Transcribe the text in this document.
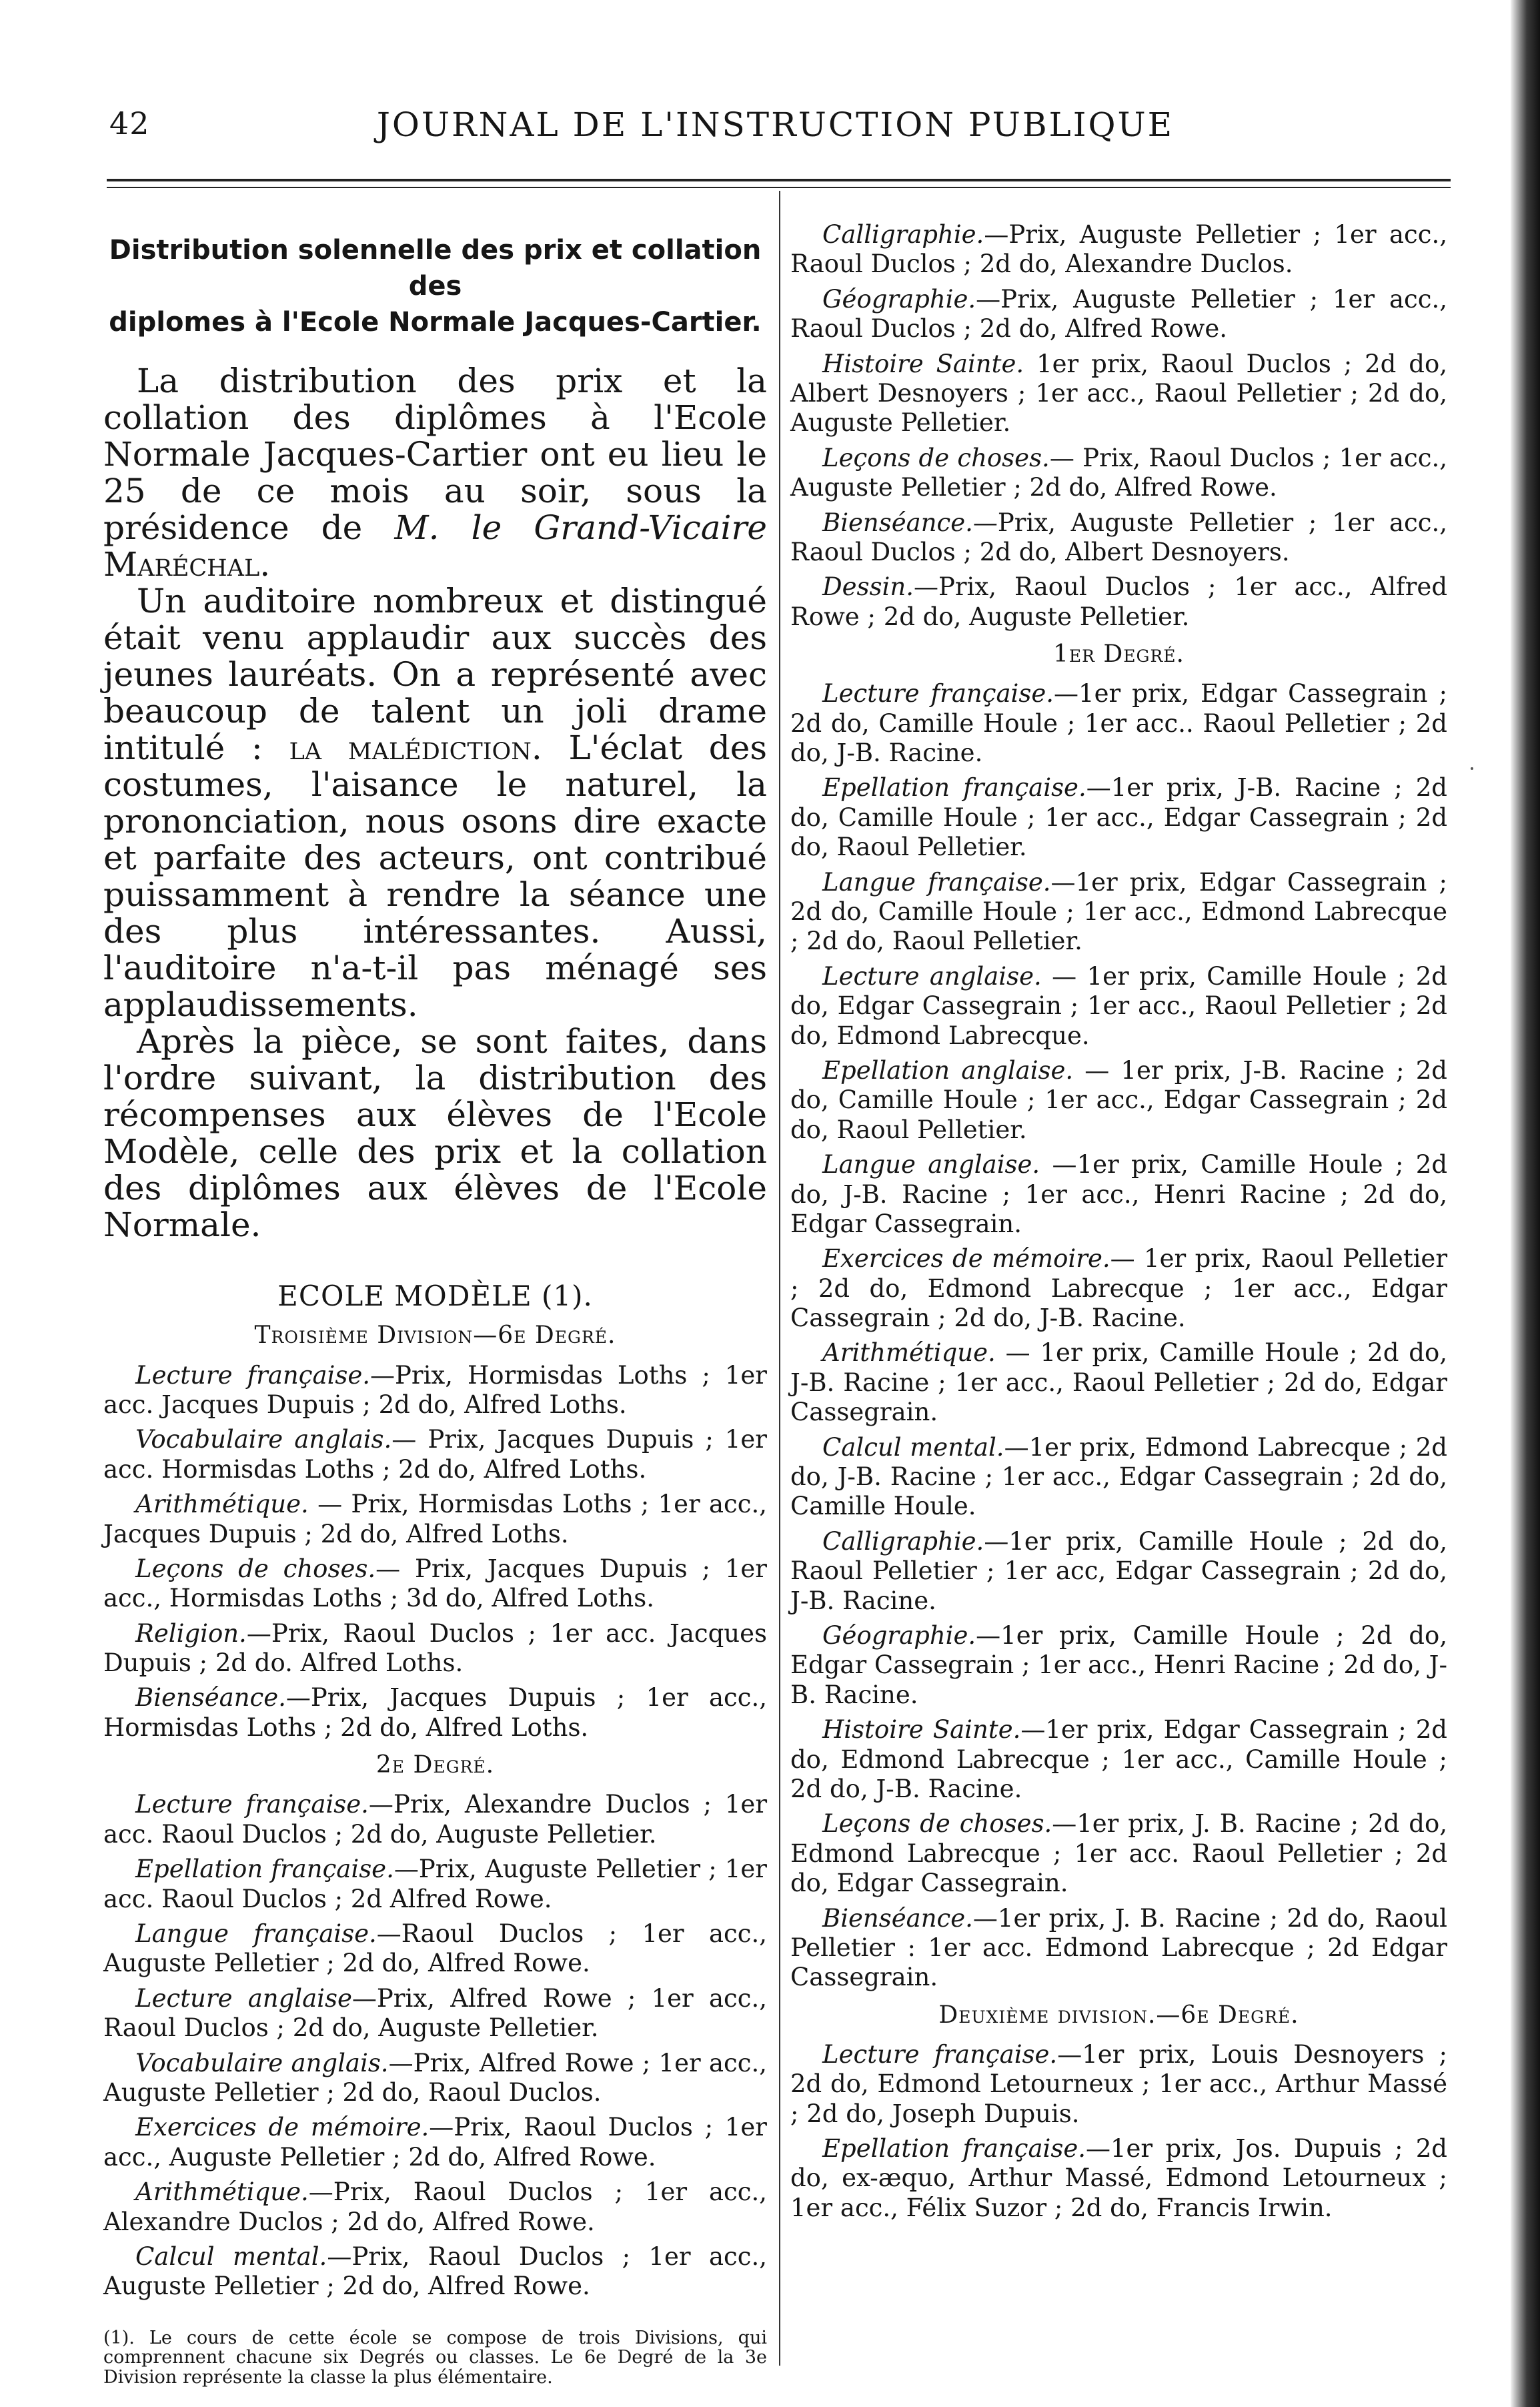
42	JOURNAL DE L'INSTRUCTION PUBLIQUE
Distribution solennelle des prix et collation des
diplomes à l'Ecole Normale Jacques-Cartier.

La distribution des prix et la collation des diplômes à l'Ecole Normale Jacques-Cartier ont eu lieu le 25 de ce mois au soir, sous la présidence de M. le Grand-Vicaire Maréchal.

Un auditoire nombreux et distingué était venu applaudir aux succès des jeunes lauréats. On a représenté avec beaucoup de talent un joli drame intitulé : la malédiction. L'éclat des costumes, l'aisance le naturel, la prononciation, nous osons dire exacte et parfaite des acteurs, ont contribué puissamment à rendre la séance une des plus intéressantes. Aussi, l'auditoire n'a-t-il pas ménagé ses applaudissements.

Après la pièce, se sont faites, dans l'ordre suivant, la distribution des récompenses aux élèves de l'Ecole Modèle, celle des prix et la collation des diplômes aux élèves de l'Ecole Normale.

ECOLE MODÈLE (1).
Troisième Division—6e Degré.

Lecture française.—Prix, Hormisdas Loths ; 1er acc. Jacques Dupuis ; 2d do, Alfred Loths.

Vocabulaire anglais.— Prix, Jacques Dupuis ; 1er acc. Hormisdas Loths ; 2d do, Alfred Loths.

Arithmétique. — Prix, Hormisdas Loths ; 1er acc., Jacques Dupuis ; 2d do, Alfred Loths.

Leçons de choses.— Prix, Jacques Dupuis ; 1er acc., Hormisdas Loths ; 3d do, Alfred Loths.

Religion.—Prix, Raoul Duclos ; 1er acc. Jacques Dupuis ; 2d do. Alfred Loths.

Bienséance.—Prix, Jacques Dupuis ; 1er acc., Hormisdas Loths ; 2d do, Alfred Loths.

2e Degré.

Lecture française.—Prix, Alexandre Duclos ; 1er acc. Raoul Duclos ; 2d do, Auguste Pelletier.

Epellation française.—Prix, Auguste Pelletier ; 1er acc. Raoul Duclos ; 2d Alfred Rowe.

Langue française.—Raoul Duclos ; 1er acc., Auguste Pelletier ; 2d do, Alfred Rowe.

Lecture anglaise—Prix, Alfred Rowe ; 1er acc., Raoul Duclos ; 2d do, Auguste Pelletier.

Vocabulaire anglais.—Prix, Alfred Rowe ; 1er acc., Auguste Pelletier ; 2d do, Raoul Duclos.

Exercices de mémoire.—Prix, Raoul Duclos ; 1er acc., Auguste Pelletier ; 2d do, Alfred Rowe.

Arithmétique.—Prix, Raoul Duclos ; 1er acc., Alexandre Duclos ; 2d do, Alfred Rowe.

Calcul mental.—Prix, Raoul Duclos ; 1er acc., Auguste Pelletier ; 2d do, Alfred Rowe.

(1). Le cours de cette école se compose de trois Divisions, qui comprennent chacune six Degrés ou classes. Le 6e Degré de la 3e Division représente la classe la plus élémentaire.

Calligraphie.—Prix, Auguste Pelletier ; 1er acc., Raoul Duclos ; 2d do, Alexandre Duclos.

Géographie.—Prix, Auguste Pelletier ; 1er acc., Raoul Duclos ; 2d do, Alfred Rowe.

Histoire Sainte. 1er prix, Raoul Duclos ; 2d do, Albert Desnoyers ; 1er acc., Raoul Pelletier ; 2d do, Auguste Pelletier.

Leçons de choses.— Prix, Raoul Duclos ; 1er acc., Auguste Pelletier ; 2d do, Alfred Rowe.

Bienséance.—Prix, Auguste Pelletier ; 1er acc., Raoul Duclos ; 2d do, Albert Desnoyers.

Dessin.—Prix, Raoul Duclos ; 1er acc., Alfred Rowe ; 2d do, Auguste Pelletier.

1er Degré.

Lecture française.—1er prix, Edgar Cassegrain ; 2d do, Camille Houle ; 1er acc.. Raoul Pelletier ; 2d do, J-B. Racine.

Epellation française.—1er prix, J-B. Racine ; 2d do, Camille Houle ; 1er acc., Edgar Cassegrain ; 2d do, Raoul Pelletier.

Langue française.—1er prix, Edgar Cassegrain ; 2d do, Camille Houle ; 1er acc., Edmond Labrecque ; 2d do, Raoul Pelletier.

Lecture anglaise. — 1er prix, Camille Houle ; 2d do, Edgar Cassegrain ; 1er acc., Raoul Pelletier ; 2d do, Edmond Labrecque.

Epellation anglaise. — 1er prix, J-B. Racine ; 2d do, Camille Houle ; 1er acc., Edgar Cassegrain ; 2d do, Raoul Pelletier.

Langue anglaise. —1er prix, Camille Houle ; 2d do, J-B. Racine ; 1er acc., Henri Racine ; 2d do, Edgar Cassegrain.

Exercices de mémoire.— 1er prix, Raoul Pelletier ; 2d do, Edmond Labrecque ; 1er acc., Edgar Cassegrain ; 2d do, J-B. Racine.

Arithmétique. — 1er prix, Camille Houle ; 2d do, J-B. Racine ; 1er acc., Raoul Pelletier ; 2d do, Edgar Cassegrain.

Calcul mental.—1er prix, Edmond Labrecque ; 2d do, J-B. Racine ; 1er acc., Edgar Cassegrain ; 2d do, Camille Houle.

Calligraphie.—1er prix, Camille Houle ; 2d do, Raoul Pelletier ; 1er acc, Edgar Cassegrain ; 2d do, J-B. Racine.

Géographie.—1er prix, Camille Houle ; 2d do, Edgar Cassegrain ; 1er acc., Henri Racine ; 2d do, J-B. Racine.

Histoire Sainte.—1er prix, Edgar Cassegrain ; 2d do, Edmond Labrecque ; 1er acc., Camille Houle ; 2d do, J-B. Racine.

Leçons de choses.—1er prix, J. B. Racine ; 2d do, Edmond Labrecque ; 1er acc. Raoul Pelletier ; 2d do, Edgar Cassegrain.

Bienséance.—1er prix, J. B. Racine ; 2d do, Raoul Pelletier : 1er acc. Edmond Labrecque ; 2d Edgar Cassegrain.

Deuxième division.—6e Degré.

Lecture française.—1er prix, Louis Desnoyers ; 2d do, Edmond Letourneux ; 1er acc., Arthur Massé ; 2d do, Joseph Dupuis.

Epellation française.—1er prix, Jos. Dupuis ; 2d do, ex-æquo, Arthur Massé, Edmond Letourneux ; 1er acc., Félix Suzor ; 2d do, Francis Irwin.
